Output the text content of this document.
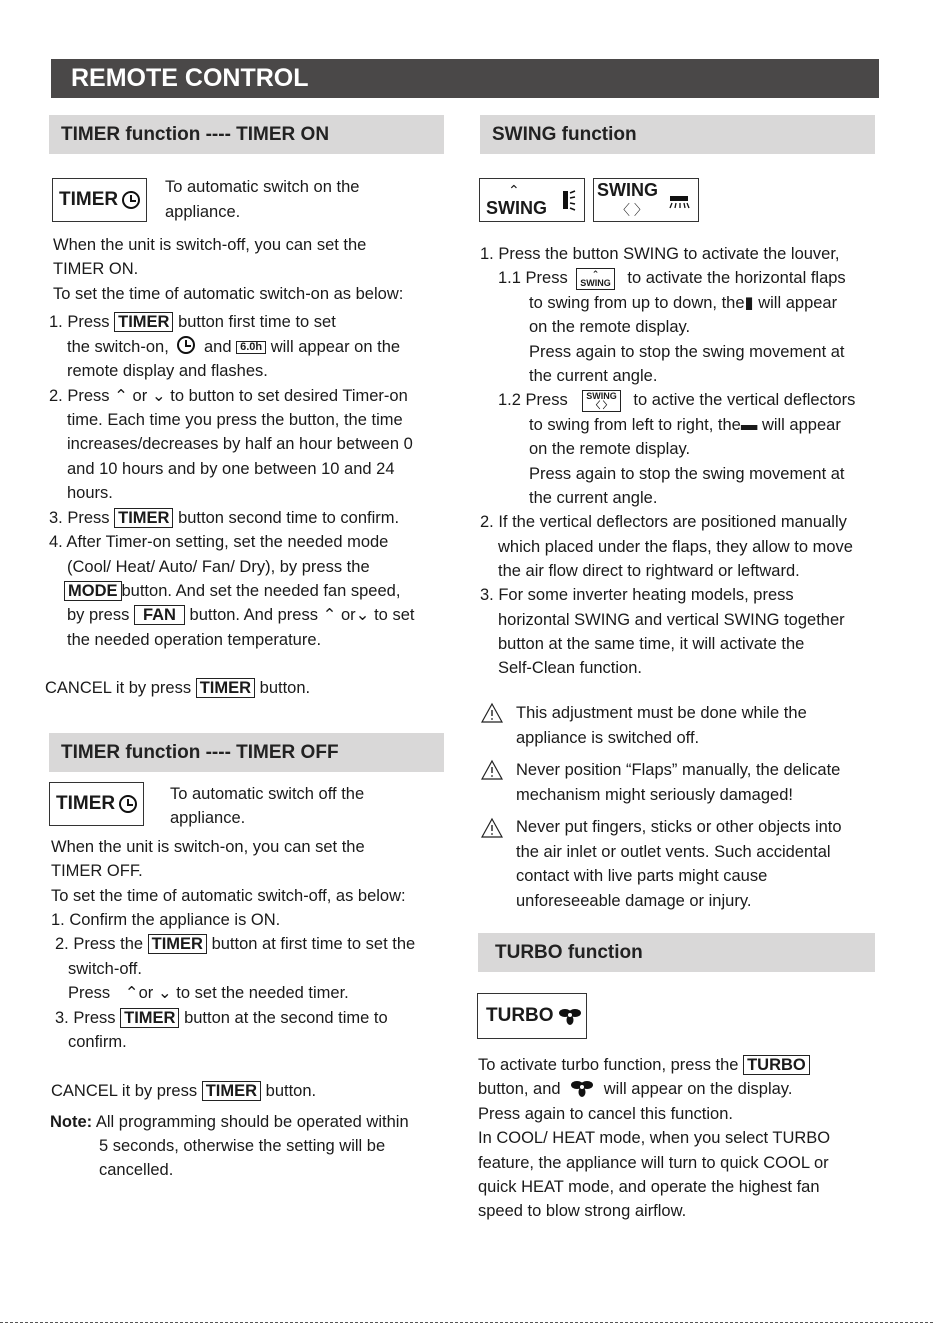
REMOTE CONTROL
TIMER function ---- TIMER ON
TIMER
To automatic switch on the
appliance.
When the unit is switch-off, you can set the
TIMER ON.
To set the time of automatic switch-on as below:
1. Press TIMER button first time to set
the switch-on, and 6.0h will appear on the
remote display and flashes.
2. Press ⌃ or ⌄ to button to set desired Timer-on
time. Each time you press the button, the time
increases/decreases by half an hour between 0
and 10 hours and by one between 10 and 24
hours.
3. Press TIMER button second time to confirm.
4. After Timer-on setting, set the needed mode
(Cool/ Heat/ Auto/ Fan/ Dry), by press the
MODE button. And set the needed fan speed,
by press FAN button. And press ⌃ or⌄ to set
the needed operation temperature.
CANCEL it by press TIMER button.
TIMER function ---- TIMER OFF
TIMER	To automatic switch off the
appliance.
When the unit is switch-on, you can set the
TIMER OFF.
To set the time of automatic switch-off, as below:
1. Confirm the appliance is ON.
2. Press the TIMER button at first time to set the
switch-off.
Press ⌃or ⌄ to set the needed timer.
3. Press TIMER button at the second time to
confirm.
CANCEL it by press TIMER button.
Note: All programming should be operated within
5 seconds, otherwise the setting will be
cancelled.
SWING function
⌃
SWING
SWING
〈 〉
1. Press the button SWING to activate the louver,
1.1 Press	⌃
SWING to activate the horizontal flaps
to swing from up to down, the▮ will appear
on the remote display.
Press again to stop the swing movement at
the current angle.
1.2 Press SWING
〈 〉 to active the vertical deflectors
to swing from left to right, the▬ will appear
on the remote display.
Press again to stop the swing movement at
the current angle.
2. If the vertical deflectors are positioned manually
which placed under the flaps, they allow to move
the air flow direct to rightward or leftward.
3. For some inverter heating models, press
horizontal SWING and vertical SWING together
button at the same time, it will activate the
Self-Clean function.
This adjustment must be done while the
appliance is switched off.
Never position “Flaps” manually, the delicate
mechanism might seriously damaged!
Never put fingers, sticks or other objects into
the air inlet or outlet vents. Such accidental
contact with live parts might cause
unforeseeable damage or injury.
TURBO function
TURBO
To activate turbo function, press the TURBO
button, and	will appear on the display.
Press again to cancel this function.
In COOL/ HEAT mode, when you select TURBO
feature, the appliance will turn to quick COOL or
quick HEAT mode, and operate the highest fan
speed to blow strong airflow.
